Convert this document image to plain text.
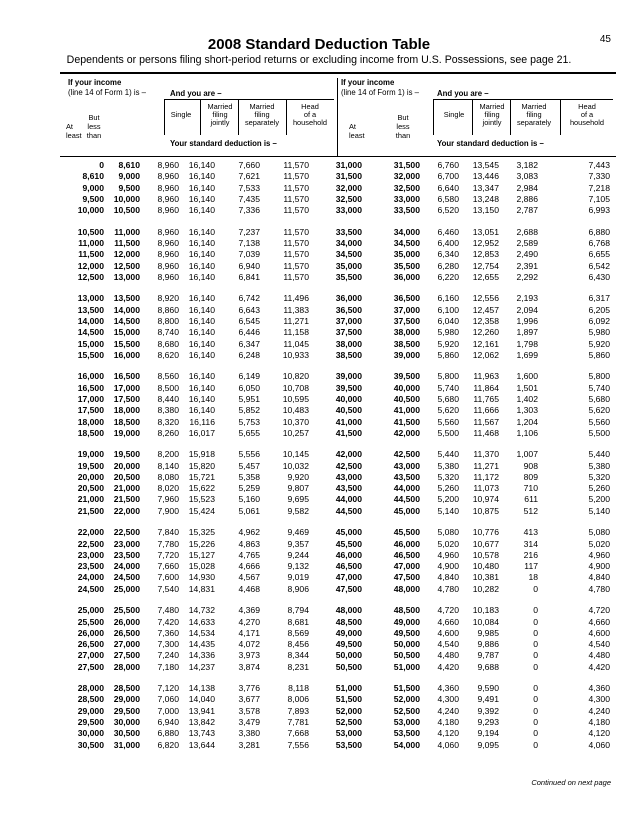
45
2008 Standard Deduction Table
Dependents or persons filing short-period returns or excluding income from U.S. Possessions, see page 21.
If your income
(line 14 of Form 1) is –	And you are –
But
less
than
At
least
Single
Married
filing
jointly
Married
filing
separately
Head
of a
household
Your standard deduction is –
If your income
(line 14 of Form 1) is – And you are –
But
less
than
At
least
Single
Married
filing
jointly
Married
filing
separately
Head
of a
household
Your standard deduction is –
0	8,610	8,960	16,140	7,660	11,570
8,610	9,000	8,960	16,140	7,621	11,570
9,000	9,500	8,960	16,140	7,533	11,570
9,500	10,000	8,960	16,140	7,435	11,570
10,000	10,500	8,960	16,140	7,336	11,570
10,500	11,000	8,960	16,140	7,237	11,570
11,000	11,500	8,960	16,140	7,138	11,570
11,500	12,000	8,960	16,140	7,039	11,570
12,000	12,500	8,960	16,140	6,940	11,570
12,500	13,000	8,960	16,140	6,841	11,570
13,000	13,500	8,920	16,140	6,742	11,496
13,500	14,000	8,860	16,140	6,643	11,383
14,000	14,500	8,800	16,140	6,545	11,271
14,500	15,000	8,740	16,140	6,446	11,158
15,000	15,500	8,680	16,140	6,347	11,045
15,500	16,000	8,620	16,140	6,248	10,933
16,000	16,500	8,560	16,140	6,149	10,820
16,500	17,000	8,500	16,140	6,050	10,708
17,000	17,500	8,440	16,140	5,951	10,595
17,500	18,000	8,380	16,140	5,852	10,483
18,000	18,500	8,320	16,116	5,753	10,370
18,500	19,000	8,260	16,017	5,655	10,257
19,000	19,500	8,200	15,918	5,556	10,145
19,500	20,000	8,140	15,820	5,457	10,032
20,000	20,500	8,080	15,721	5,358	9,920
20,500	21,000	8,020	15,622	5,259	9,807
21,000	21,500	7,960	15,523	5,160	9,695
21,500	22,000	7,900	15,424	5,061	9,582
22,000	22,500	7,840	15,325	4,962	9,469
22,500	23,000	7,780	15,226	4,863	9,357
23,000	23,500	7,720	15,127	4,765	9,244
23,500	24,000	7,660	15,028	4,666	9,132
24,000	24,500	7,600	14,930	4,567	9,019
24,500	25,000	7,540	14,831	4,468	8,906
25,000	25,500	7,480	14,732	4,369	8,794
25,500	26,000	7,420	14,633	4,270	8,681
26,000	26,500	7,360	14,534	4,171	8,569
26,500	27,000	7,300	14,435	4,072	8,456
27,000	27,500	7,240	14,336	3,973	8,344
27,500	28,000	7,180	14,237	3,874	8,231
28,000	28,500	7,120	14,138	3,776	8,118
28,500	29,000	7,060	14,040	3,677	8,006
29,000	29,500	7,000	13,941	3,578	7,893
29,500	30,000	6,940	13,842	3,479	7,781
30,000	30,500	6,880	13,743	3,380	7,668
30,500	31,000	6,820	13,644	3,281	7,556
31,000	31,500	6,760	13,545	3,182	7,443
31,500	32,000	6,700	13,446	3,083	7,330
32,000	32,500	6,640	13,347	2,984	7,218
32,500	33,000	6,580	13,248	2,886	7,105
33,000	33,500	6,520	13,150	2,787	6,993
33,500	34,000	6,460	13,051	2,688	6,880
34,000	34,500	6,400	12,952	2,589	6,768
34,500	35,000	6,340	12,853	2,490	6,655
35,000	35,500	6,280	12,754	2,391	6,542
35,500	36,000	6,220	12,655	2,292	6,430
36,000	36,500	6,160	12,556	2,193	6,317
36,500	37,000	6,100	12,457	2,094	6,205
37,000	37,500	6,040	12,358	1,996	6,092
37,500	38,000	5,980	12,260	1,897	5,980
38,000	38,500	5,920	12,161	1,798	5,920
38,500	39,000	5,860	12,062	1,699	5,860
39,000	39,500	5,800	11,963	1,600	5,800
39,500	40,000	5,740	11,864	1,501	5,740
40,000	40,500	5,680	11,765	1,402	5,680
40,500	41,000	5,620	11,666	1,303	5,620
41,000	41,500	5,560	11,567	1,204	5,560
41,500	42,000	5,500	11,468	1,106	5,500
42,000	42,500	5,440	11,370	1,007	5,440
42,500	43,000	5,380	11,271	908	5,380
43,000	43,500	5,320	11,172	809	5,320
43,500	44,000	5,260	11,073	710	5,260
44,000	44,500	5,200	10,974	611	5,200
44,500	45,000	5,140	10,875	512	5,140
45,000	45,500	5,080	10,776	413	5,080
45,500	46,000	5,020	10,677	314	5,020
46,000	46,500	4,960	10,578	216	4,960
46,500	47,000	4,900	10,480	117	4,900
47,000	47,500	4,840	10,381	18	4,840
47,500	48,000	4,780	10,282	0	4,780
48,000	48,500	4,720	10,183	0	4,720
48,500	49,000	4,660	10,084	0	4,660
49,000	49,500	4,600	9,985	0	4,600
49,500	50,000	4,540	9,886	0	4,540
50,000	50,500	4,480	9,787	0	4,480
50,500	51,000	4,420	9,688	0	4,420
51,000	51,500	4,360	9,590	0	4,360
51,500	52,000	4,300	9,491	0	4,300
52,000	52,500	4,240	9,392	0	4,240
52,500	53,000	4,180	9,293	0	4,180
53,000	53,500	4,120	9,194	0	4,120
53,500	54,000	4,060	9,095	0	4,060
Continued on next page
